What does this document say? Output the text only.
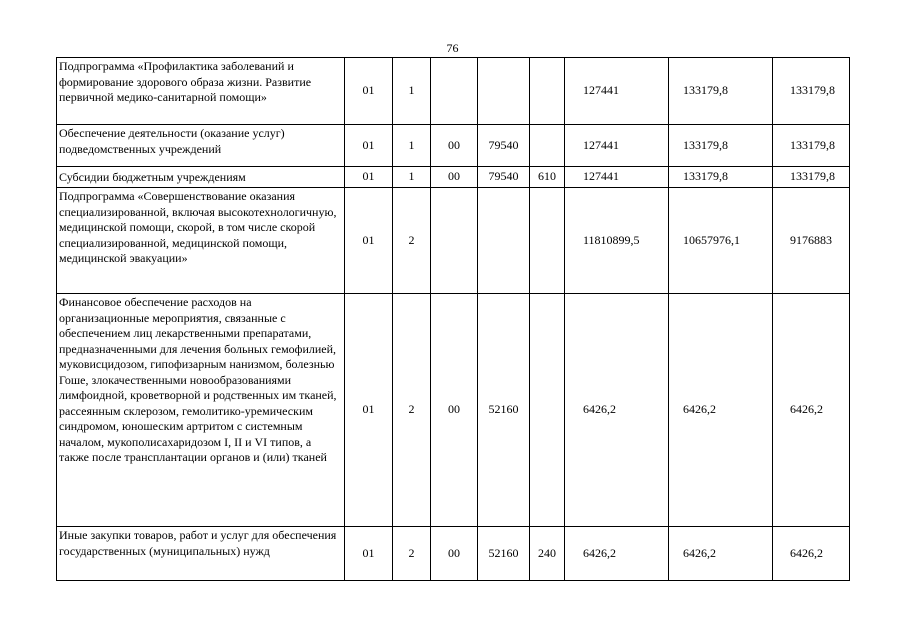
76
Подпрограмма «Профилактика заболеваний и формирование здорового образа жизни. Развитие первичной медико-санитарной помощи»	01	1				127441	133179,8	133179,8
Обеспечение деятельности (оказание услуг) подведомственных учреждений	01	1	00	79540		127441	133179,8	133179,8
Субсидии бюджетным учреждениям	01	1	00	79540	610	127441	133179,8	133179,8
Подпрограмма «Совершенствование оказания специализированной, включая высокотехнологичную, медицинской помощи, скорой, в том числе скорой специализированной, медицинской помощи, медицинской эвакуации»	01	2				11810899,5	10657976,1	9176883
Финансовое обеспечение расходов на организационные мероприятия, связанные с обеспечением лиц лекарственными препаратами, предназначенными для лечения больных гемофилией, муковисцидозом, гипофизарным нанизмом, болезнью Гоше, злокачественными новообразованиями лимфоидной, кроветворной и родственных им тканей, рассеянным склерозом, гемолитико-уремическим синдромом, юношеским артритом с системным началом, мукополисахаридозом I, II и VI типов, а также после трансплантации органов и (или) тканей	01	2	00	52160		6426,2	6426,2	6426,2
Иные закупки товаров, работ и услуг для обеспечения государственных (муниципальных) нужд	01	2	00	52160	240	6426,2	6426,2	6426,2
